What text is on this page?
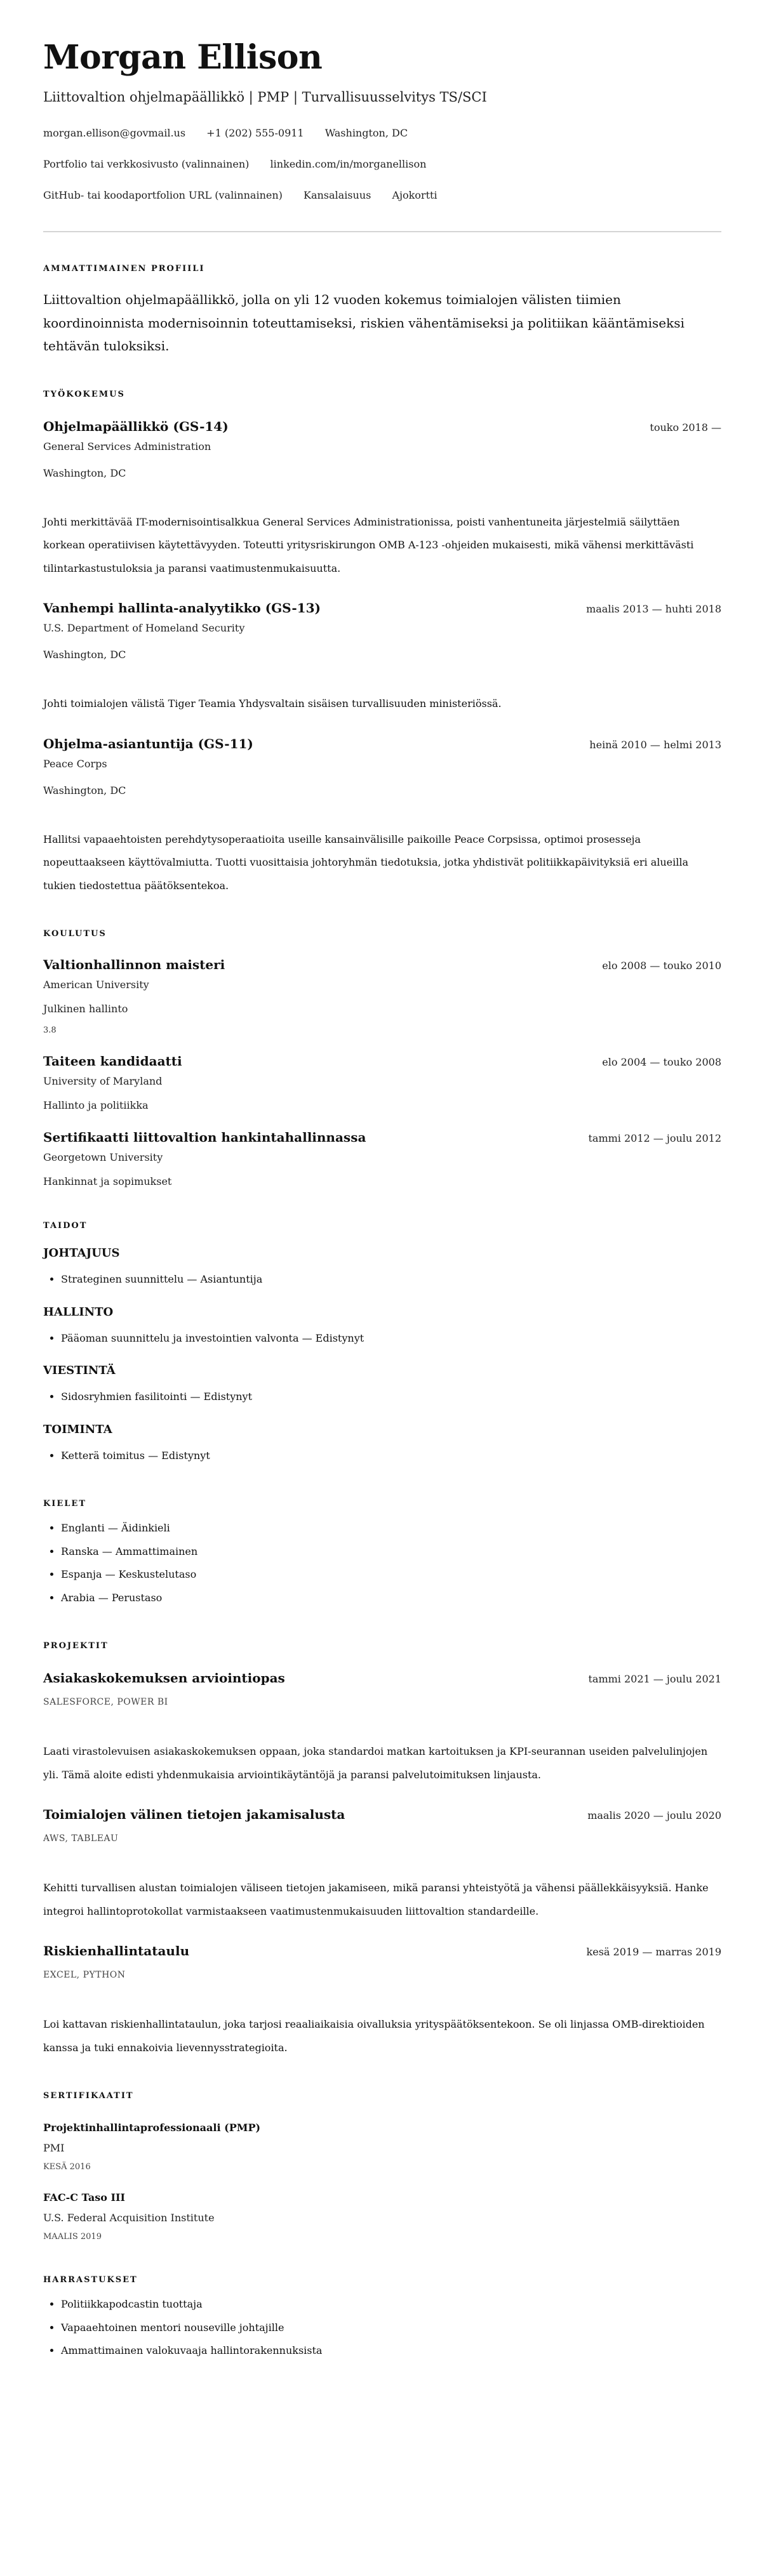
Morgan Ellison
Liittovaltion ohjelmapäällikkö | PMP | Turvallisuusselvitys TS/SCI
morgan.ellison@govmail.us +1 (202) 555-0911 Washington, DC
Portfolio tai verkkosivusto (valinnainen) linkedin.com/in/morganellison
GitHub- tai koodaportfolion URL (valinnainen) Kansalaisuus Ajokortti
AMMATTIMAINEN PROFIILI

Liittovaltion ohjelmapäällikkö, jolla on yli 12 vuoden kokemus toimialojen välisten tiimien koordinoinnista modernisoinnin toteuttamiseksi, riskien vähentämiseksi ja politiikan kääntämiseksi tehtävän tuloksiksi.

TYÖKOKEMUS
Ohjelmapäällikkö (GS-14)	touko 2018 —
General Services Administration
Washington, DC
Johti merkittävää IT-modernisointisalkkua General Services Administrationissa, poisti vanhentuneita järjestelmiä säilyttäen korkean operatiivisen käytettävyyden. Toteutti yritysriskirungon OMB A-123 -ohjeiden mukaisesti, mikä vähensi merkittävästi tilintarkastustuloksia ja paransi vaatimustenmukaisuutta.
Vanhempi hallinta-analyytikko (GS-13)	maalis 2013 — huhti 2018
U.S. Department of Homeland Security
Washington, DC
Johti toimialojen välistä Tiger Teamia Yhdysvaltain sisäisen turvallisuuden ministeriössä.
Ohjelma-asiantuntija (GS-11)	heinä 2010 — helmi 2013
Peace Corps
Washington, DC
Hallitsi vapaaehtoisten perehdytysoperaatioita useille kansainvälisille paikoille Peace Corpsissa, optimoi prosesseja nopeuttaakseen käyttövalmiutta. Tuotti vuosittaisia johtoryhmän tiedotuksia, jotka yhdistivät politiikkapäivityksiä eri alueilla tukien tiedostettua päätöksentekoa.
KOULUTUS
Valtionhallinnon maisteri	elo 2008 — touko 2010
American University
Julkinen hallinto
3.8
Taiteen kandidaatti	elo 2004 — touko 2008
University of Maryland
Hallinto ja politiikka
Sertifikaatti liittovaltion hankintahallinnassa	tammi 2012 — joulu 2012
Georgetown University
Hankinnat ja sopimukset
TAIDOT
JOHTAJUUS
• Strateginen suunnittelu — Asiantuntija
HALLINTO
• Pääoman suunnittelu ja investointien valvonta — Edistynyt
VIESTINTÄ
• Sidosryhmien fasilitointi — Edistynyt
TOIMINTA
• Ketterä toimitus — Edistynyt
KIELET
• Englanti — Äidinkieli
• Ranska — Ammattimainen
• Espanja — Keskustelutaso
• Arabia — Perustaso
PROJEKTIT
Asiakaskokemuksen arviointiopas	tammi 2021 — joulu 2021
SALESFORCE, POWER BI
Laati virastolevuisen asiakaskokemuksen oppaan, joka standardoi matkan kartoituksen ja KPI-seurannan useiden palvelulinjojen yli. Tämä aloite edisti yhdenmukaisia arviointikäytäntöjä ja paransi palvelutoimituksen linjausta.
Toimialojen välinen tietojen jakamisalusta	maalis 2020 — joulu 2020
AWS, TABLEAU
Kehitti turvallisen alustan toimialojen väliseen tietojen jakamiseen, mikä paransi yhteistyötä ja vähensi päällekkäisyyksiä. Hanke integroi hallintoprotokollat varmistaakseen vaatimustenmukaisuuden liittovaltion standardeille.
Riskienhallintataulu	kesä 2019 — marras 2019
EXCEL, PYTHON
Loi kattavan riskienhallintataulun, joka tarjosi reaaliaikaisia oivalluksia yrityspäätöksentekoon. Se oli linjassa OMB-direktioiden kanssa ja tuki ennakoivia lievennysstrategioita.
SERTIFIKAATIT
Projektinhallintaprofessionaali (PMP)
PMI
KESÄ 2016
FAC-C Taso III
U.S. Federal Acquisition Institute
MAALIS 2019
HARRASTUKSET
• Politiikkapodcastin tuottaja
• Vapaaehtoinen mentori nouseville johtajille
• Ammattimainen valokuvaaja hallintorakennuksista
